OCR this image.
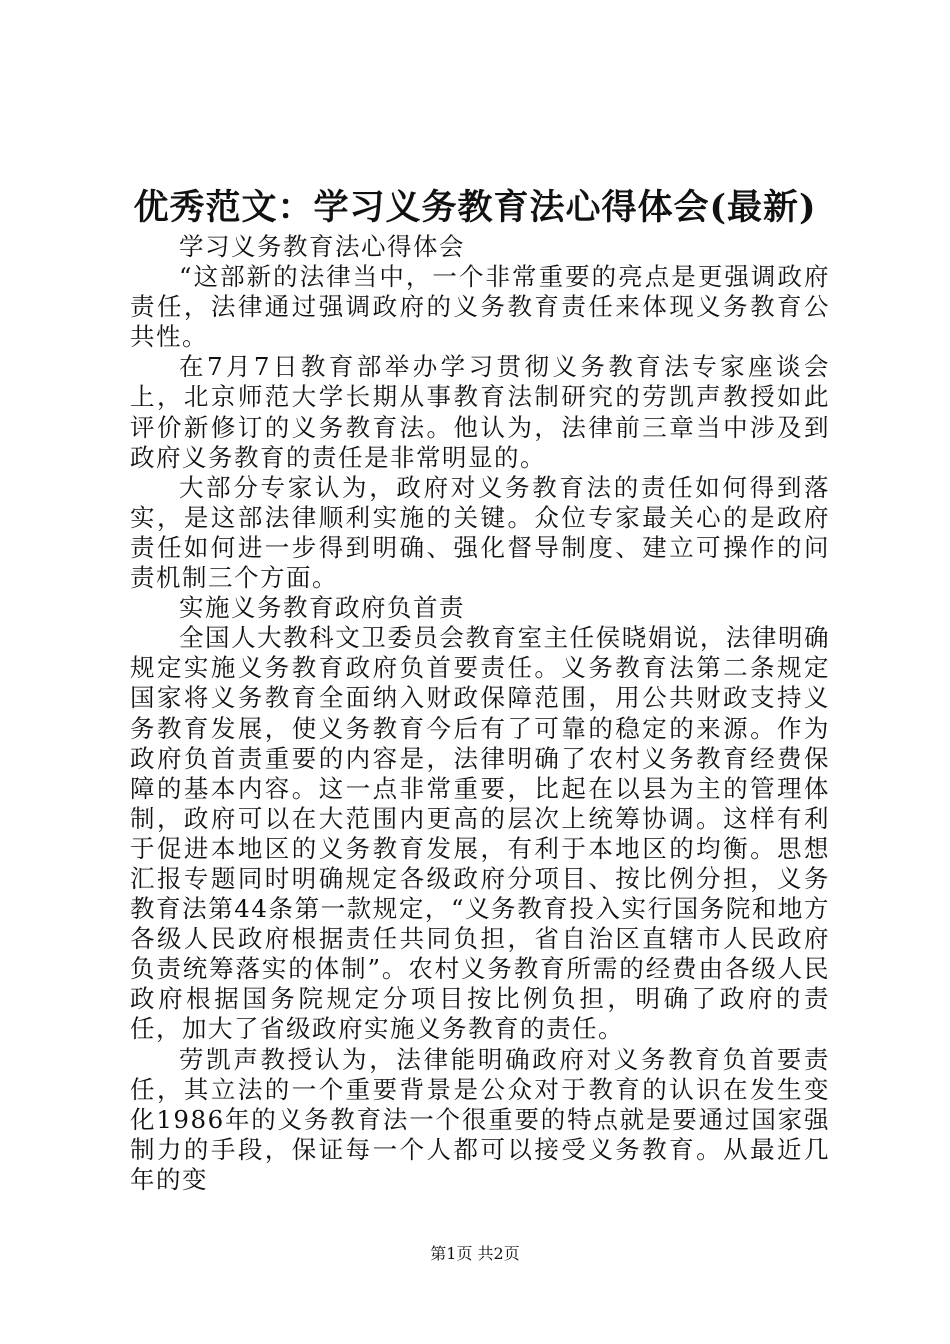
优秀范文：学习义务教育法心得体会(最新)

学习义务教育法心得体会

“这部新的法律当中，一个非常重要的亮点是更强调政府责任，法律通过强调政府的义务教育责任来体现义务教育公共性。

在7月7日教育部举办学习贯彻义务教育法专家座谈会上，北京师范大学长期从事教育法制研究的劳凯声教授如此评价新修订的义务教育法。他认为，法律前三章当中涉及到政府义务教育的责任是非常明显的。

大部分专家认为，政府对义务教育法的责任如何得到落实，是这部法律顺利实施的关键。众位专家最关心的是政府责任如何进一步得到明确、强化督导制度、建立可操作的问责机制三个方面。

实施义务教育政府负首责

全国人大教科文卫委员会教育室主任侯晓娟说，法律明确规定实施义务教育政府负首要责任。义务教育法第二条规定国家将义务教育全面纳入财政保障范围，用公共财政支持义务教育发展，使义务教育今后有了可靠的稳定的来源。作为政府负首责重要的内容是，法律明确了农村义务教育经费保障的基本内容。这一点非常重要，比起在以县为主的管理体制，政府可以在大范围内更高的层次上统筹协调。这样有利于促进本地区的义务教育发展，有利于本地区的均衡。思想汇报专题同时明确规定各级政府分项目、按比例分担，义务教育法第44条第一款规定，“义务教育投入实行国务院和地方各级人民政府根据责任共同负担，省自治区直辖市人民政府负责统筹落实的体制”。农村义务教育所需的经费由各级人民政府根据国务院规定分项目按比例负担，明确了政府的责任，加大了省级政府实施义务教育的责任。

劳凯声教授认为，法律能明确政府对义务教育负首要责任，其立法的一个重要背景是公众对于教育的认识在发生变化1986年的义务教育法一个很重要的特点就是要通过国家强制力的手段，保证每一个人都可以接受义务教育。从最近几年的变

第1页 共2页
